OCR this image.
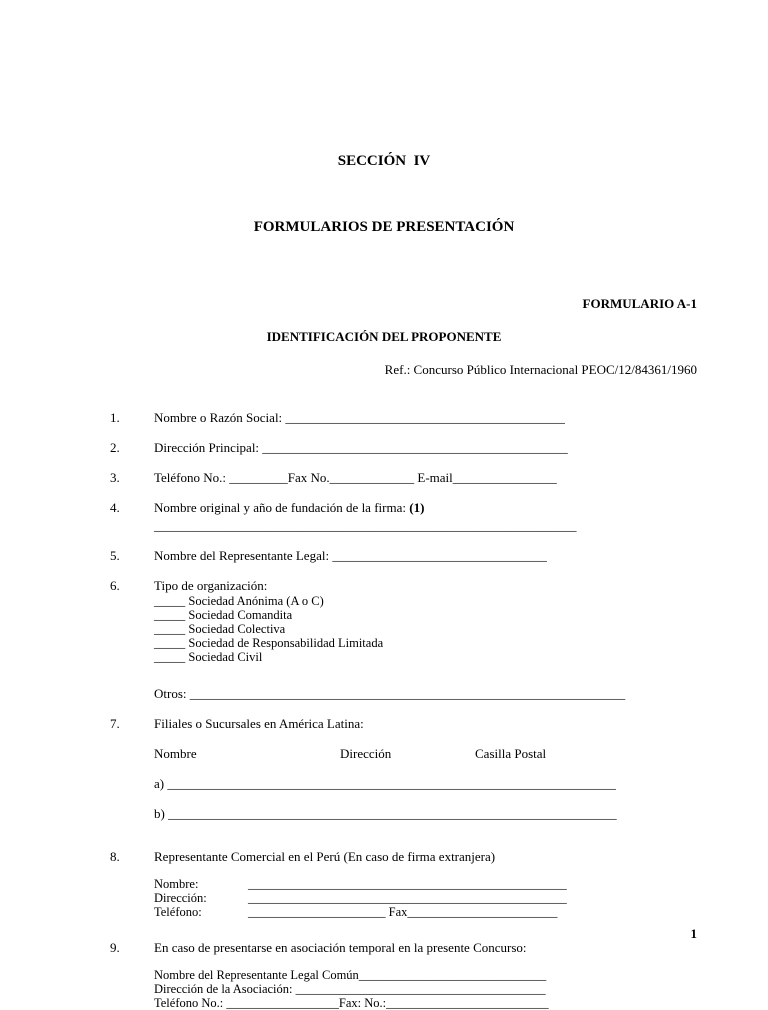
SECCIÓN  IV

FORMULARIOS DE PRESENTACIÓN

FORMULARIO A-1
IDENTIFICACIÓN DEL PROPONENTE
Ref.: Concurso Público Internacional PEOC/12/84361/1960
1.	Nombre o Razón Social: ___________________________________________
2.	Dirección Principal: _______________________________________________
3.	Teléfono No.: _________Fax No._____________ E-mail________________
4.	Nombre original y año de fundación de la firma: (1)
_________________________________________________________________
5.	Nombre del Representante Legal: _________________________________
6.	Tipo de organización:
_____ Sociedad Anónima (A o C)
_____ Sociedad Comandita
_____ Sociedad Colectiva
_____ Sociedad de Responsabilidad Limitada
_____ Sociedad Civil
Otros: ___________________________________________________________________
7.	Filiales o Sucursales en América Latina:
Nombre	Dirección	Casilla Postal
a) _____________________________________________________________________
b) _____________________________________________________________________
8.	Representante Comercial en el Perú (En caso de firma extranjera)
Nombre:	___________________________________________________
Dirección:	___________________________________________________
Teléfono:	______________________ Fax________________________
9.	En caso de presentarse en asociación temporal en la presente Concurso:
Nombre del Representante Legal Común______________________________
Dirección de la Asociación: ________________________________________
Teléfono No.: __________________Fax: No.:__________________________
1
